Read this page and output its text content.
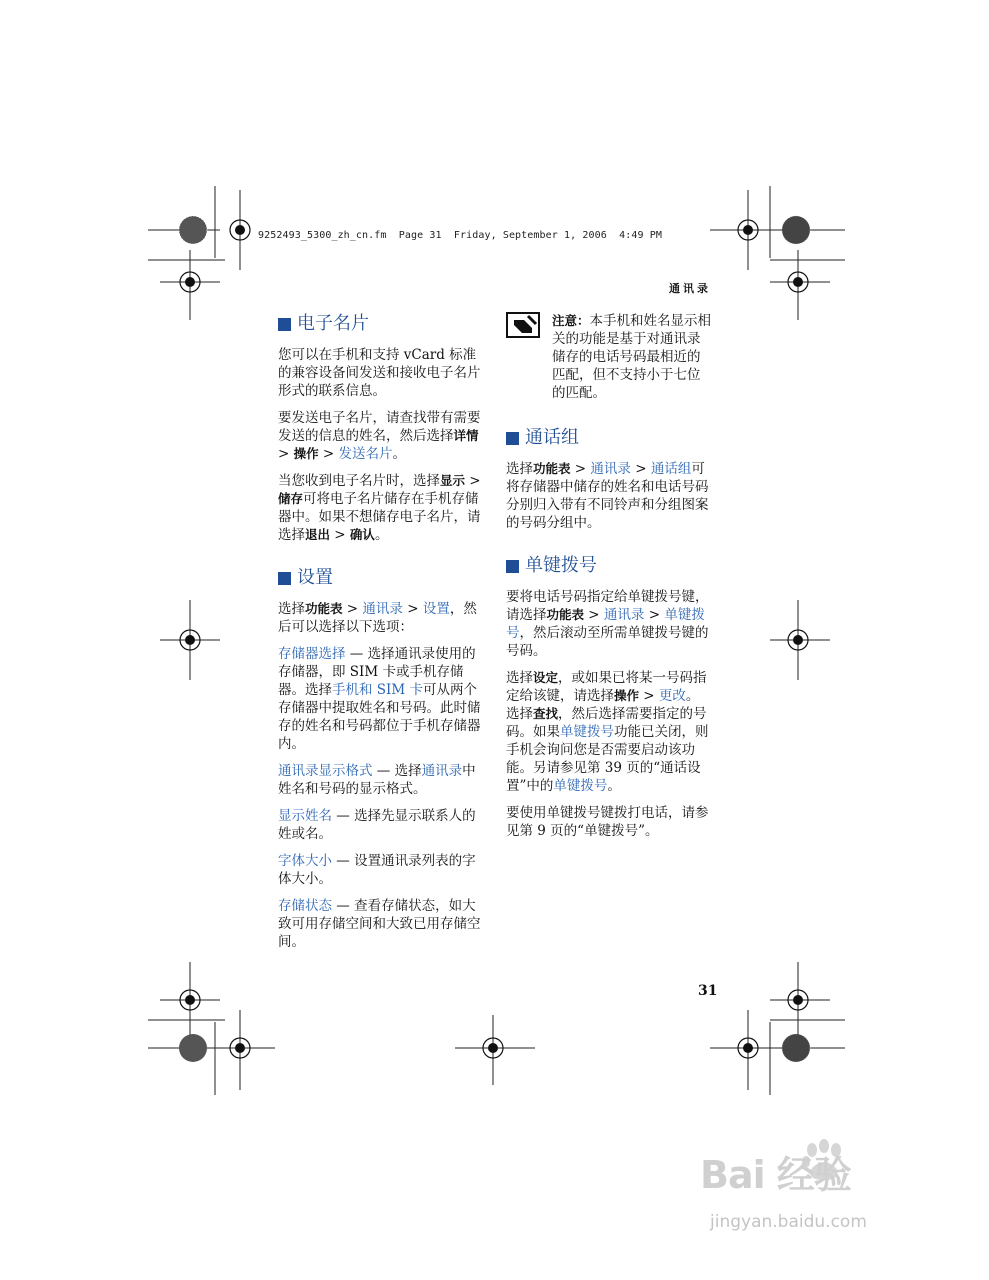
9252493_5300_zh_cn.fm  Page 31  Friday, September 1, 2006  4:49 PM
通讯录
电子名片

您可以在手机和支持 vCard 标准的兼容设备间发送和接收电子名片形式的联系信息。

要发送电子名片，请查找带有需要发送的信息的姓名，然后选择详情 > 操作 > 发送名片。

当您收到电子名片时，选择显示 > 储存可将电子名片储存在手机存储器中。如果不想储存电子名片，请选择退出 > 确认。

设置

选择功能表 > 通讯录 > 设置，然后可以选择以下选项：

存储器选择 — 选择通讯录使用的存储器，即 SIM 卡或手机存储器。选择手机和 SIM 卡可从两个存储器中提取姓名和号码。此时储存的姓名和号码都位于手机存储器内。

通讯录显示格式 — 选择通讯录中姓名和号码的显示格式。

显示姓名 — 选择先显示联系人的姓或名。

字体大小 — 设置通讯录列表的字体大小。

存储状态 — 查看存储状态，如大致可用存储空间和大致已用存储空间。

注意：本手机和姓名显示相关的功能是基于对通讯录储存的电话号码最相近的匹配，但不支持小于七位的匹配。

通话组

选择功能表 > 通讯录 > 通话组可将存储器中储存的姓名和电话号码分别归入带有不同铃声和分组图案的号码分组中。

单键拨号

要将电话号码指定给单键拨号键，请选择功能表 > 通讯录 > 单键拨号，然后滚动至所需单键拨号键的号码。

选择设定，或如果已将某一号码指定给该键，请选择操作 > 更改。选择查找，然后选择需要指定的号码。如果单键拨号功能已关闭，则手机会询问您是否需要启动该功能。另请参见第 39 页的“通话设置”中的单键拨号。

要使用单键拨号键拨打电话，请参见第 9 页的“单键拨号”。

31
Bai 经验
jingyan.baidu.com
